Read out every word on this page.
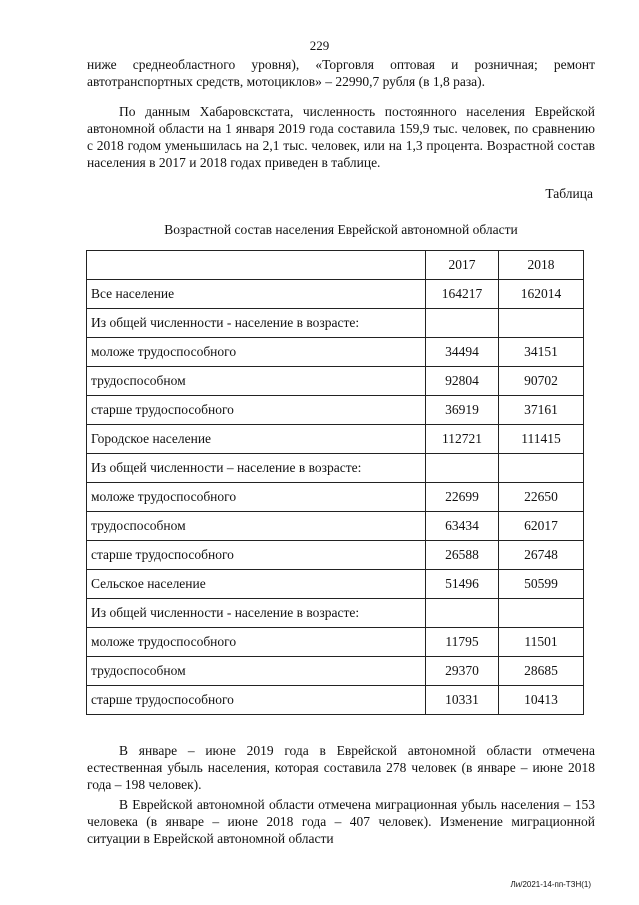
229
ниже среднеобластного уровня), «Торговля оптовая и розничная; ремонт автотранспортных средств, мотоциклов» – 22990,7 рубля (в 1,8 раза).
По данным Хабаровскстата, численность постоянного населения Еврейской автономной области на 1 января 2019 года составила 159,9 тыс. человек, по сравнению с 2018 годом уменьшилась на 2,1 тыс. человек, или на 1,3 процента. Возрастной состав населения в 2017 и 2018 годах приведен в таблице.
Таблица
Возрастной состав населения Еврейской автономной области
	2017	2018
Все население	164217	162014
Из общей численности - население в возрасте:		
моложе трудоспособного	34494	34151
трудоспособном	92804	90702
старше трудоспособного	36919	37161
Городское население	112721	111415
Из общей численности – население в возрасте:		
моложе трудоспособного	22699	22650
трудоспособном	63434	62017
старше трудоспособного	26588	26748
Сельское население	51496	50599
Из общей численности - население в возрасте:		
моложе трудоспособного	11795	11501
трудоспособном	29370	28685
старше трудоспособного	10331	10413
В январе – июне 2019 года в Еврейской автономной области отмечена естественная убыль населения, которая составила 278 человек (в январе – июне 2018 года – 198 человек).
В Еврейской автономной области отмечена миграционная убыль населения – 153 человека (в январе – июне 2018 года – 407 человек). Изменение миграционной ситуации в Еврейской автономной области
Ли/2021-14-пп-ТЗН(1)
